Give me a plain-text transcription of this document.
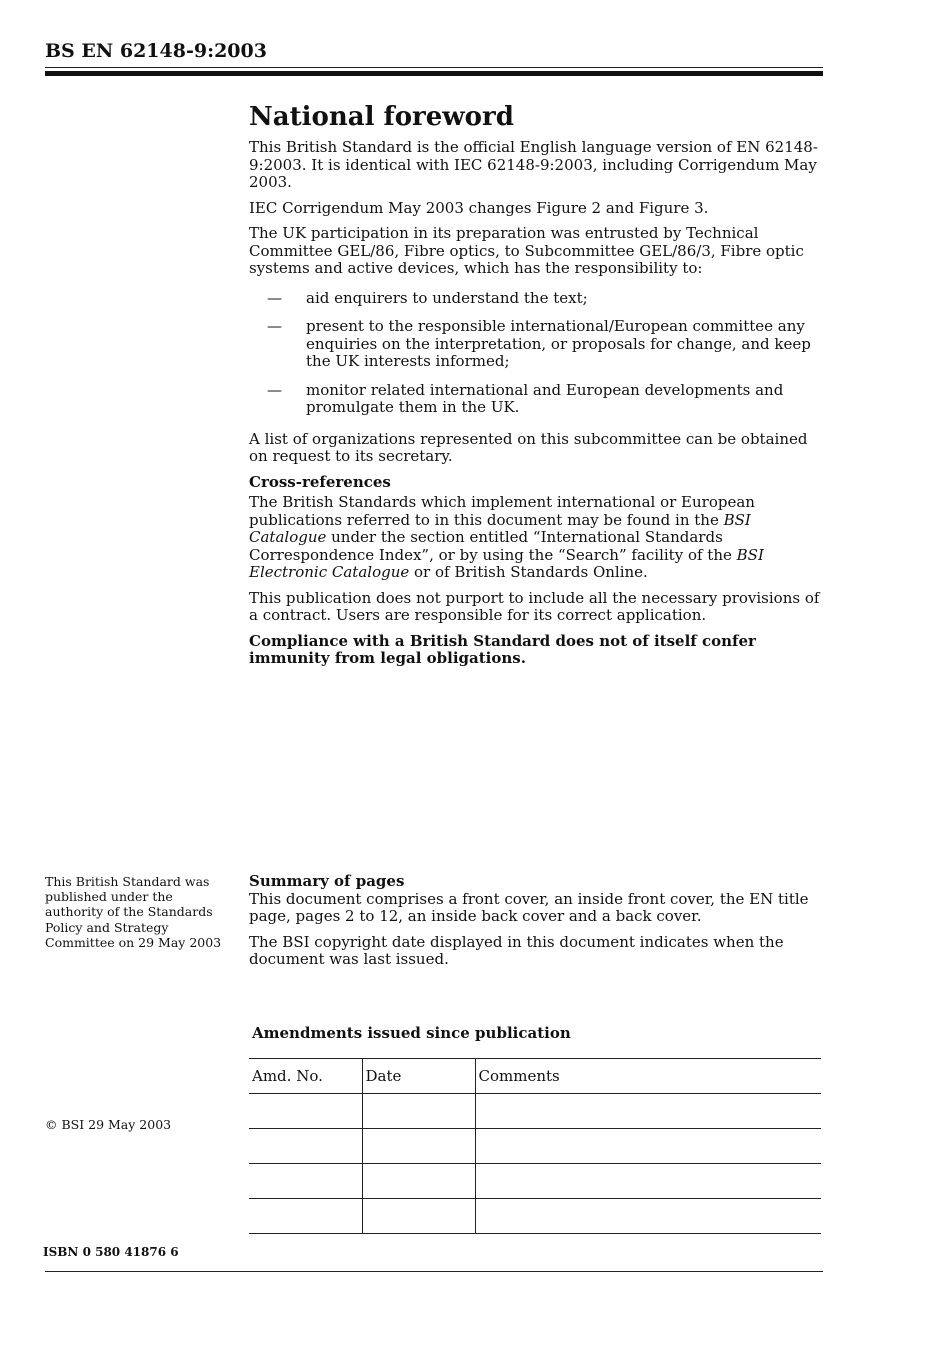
BS EN 62148-9:2003
National foreword

This British Standard is the official English language version of EN 62148-9:2003. It is identical with IEC 62148-9:2003, including Corrigendum May 2003.

IEC Corrigendum May 2003 changes Figure 2 and Figure 3.

The UK participation in its preparation was entrusted by Technical Committee GEL/86, Fibre optics, to Subcommittee GEL/86/3, Fibre optic systems and active devices, which has the responsibility to:

— aid enquirers to understand the text;
— present to the responsible international/European committee any enquiries on the interpretation, or proposals for change, and keep the UK interests informed;
— monitor related international and European developments and promulgate them in the UK.

A list of organizations represented on this subcommittee can be obtained on request to its secretary.

Cross-references

The British Standards which implement international or European publications referred to in this document may be found in the BSI Catalogue under the section entitled “International Standards Correspondence Index”, or by using the “Search” facility of the BSI Electronic Catalogue or of British Standards Online.

This publication does not purport to include all the necessary provisions of a contract. Users are responsible for its correct application.

Compliance with a British Standard does not of itself confer immunity from legal obligations.

This British Standard was published under the authority of the Standards Policy and Strategy Committee on 29 May 2003
© BSI 29 May 2003
Summary of pages

This document comprises a front cover, an inside front cover, the EN title page, pages 2 to 12, an inside back cover and a back cover.

The BSI copyright date displayed in this document indicates when the document was last issued.

Amendments issued since publication
Amd. No.	Date	Comments

ISBN 0 580 41876 6
